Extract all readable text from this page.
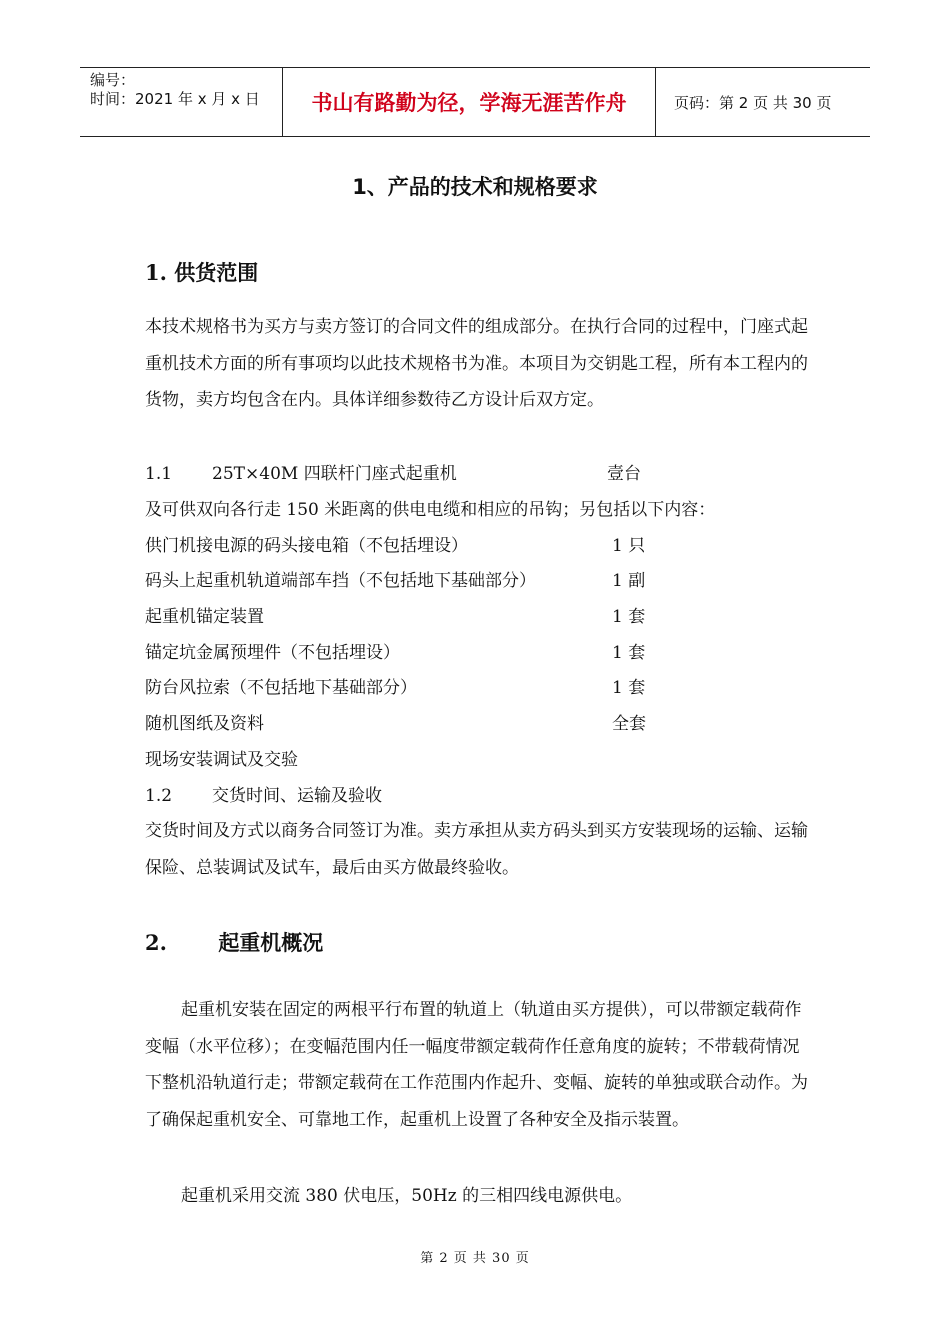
编号：
时间：2021 年 x 月 x 日	书山有路勤为径，学海无涯苦作舟	页码：第 2 页 共 30 页
1、产品的技术和规格要求
1. 供货范围
本技术规格书为买方与卖方签订的合同文件的组成部分。在执行合同的过程中，门座式起重机技术方面的所有事项均以此技术规格书为准。本项目为交钥匙工程，所有本工程内的货物，卖方均包含在内。具体详细参数待乙方设计后双方定。
1.1 25T×40M 四联杆门座式起重机	壹台
及可供双向各行走 150 米距离的供电电缆和相应的吊钩；另包括以下内容：
供门机接电源的码头接电箱（不包括埋设）	1 只
码头上起重机轨道端部车挡（不包括地下基础部分）	1 副
起重机锚定装置	1 套
锚定坑金属预埋件（不包括埋设）	1 套
防台风拉索（不包括地下基础部分）	1 套
随机图纸及资料	全套
现场安装调试及交验
1.2 交货时间、运输及验收
交货时间及方式以商务合同签订为准。卖方承担从卖方码头到买方安装现场的运输、运输保险、总装调试及试车，最后由买方做最终验收。
2. 起重机概况
起重机安装在固定的两根平行布置的轨道上（轨道由买方提供），可以带额定载荷作变幅（水平位移）；在变幅范围内任一幅度带额定载荷作任意角度的旋转；不带载荷情况下整机沿轨道行走；带额定载荷在工作范围内作起升、变幅、旋转的单独或联合动作。为了确保起重机安全、可靠地工作，起重机上设置了各种安全及指示装置。
起重机采用交流 380 伏电压，50Hz 的三相四线电源供电。
第 2 页 共 30 页
